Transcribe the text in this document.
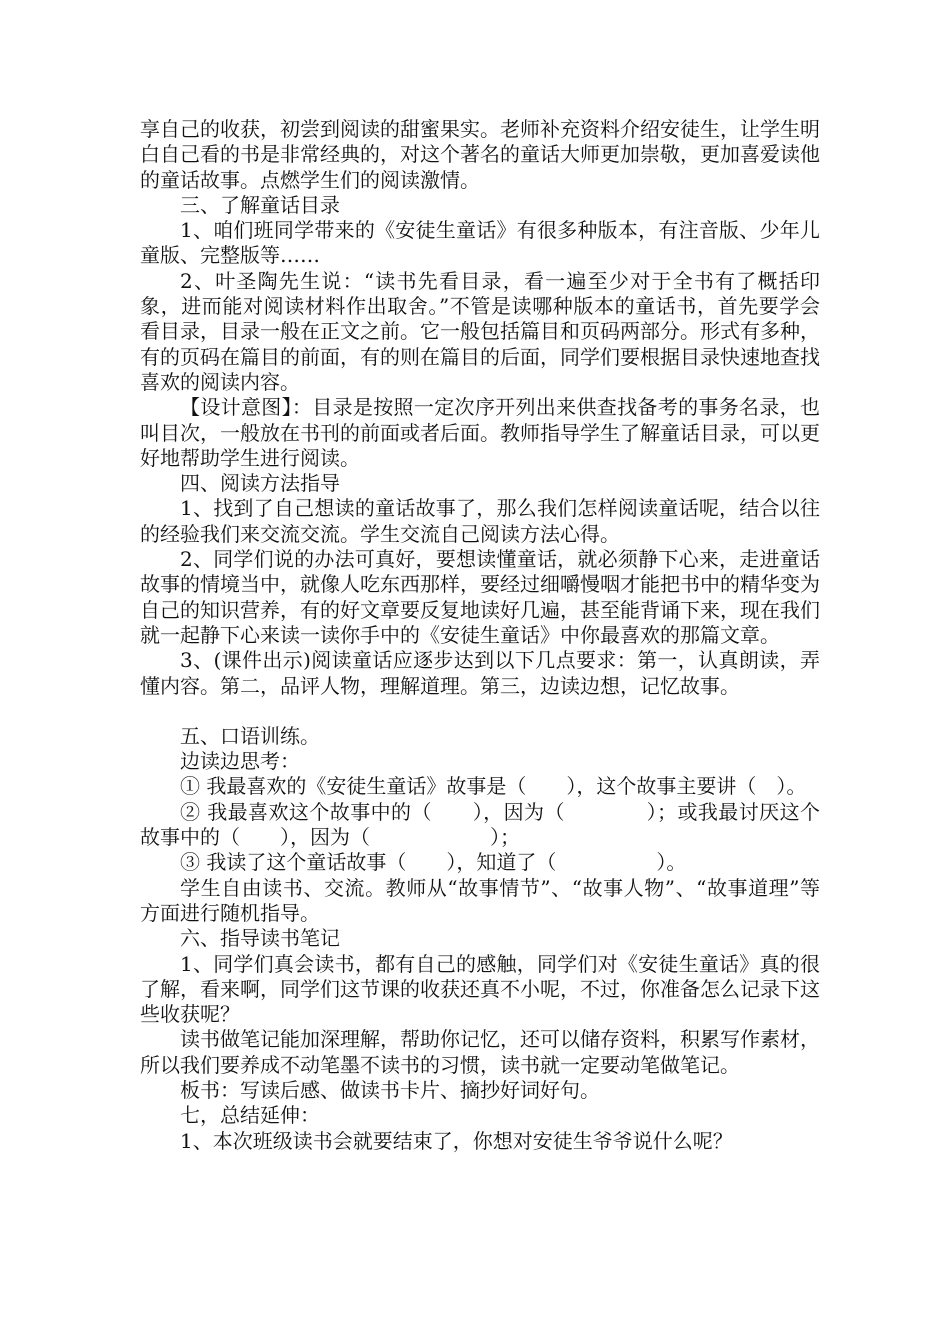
享自己的收获，初尝到阅读的甜蜜果实。老师补充资料介绍安徒生，让学生明白自己看的书是非常经典的，对这个著名的童话大师更加崇敬，更加喜爱读他的童话故事。点燃学生们的阅读激情。

三、了解童话目录

1、咱们班同学带来的《安徒生童话》有很多种版本，有注音版、少年儿童版、完整版等……

2、叶圣陶先生说：“读书先看目录，看一遍至少对于全书有了概括印象，进而能对阅读材料作出取舍。”不管是读哪种版本的童话书，首先要学会看目录，目录一般在正文之前。它一般包括篇目和页码两部分。形式有多种，有的页码在篇目的前面，有的则在篇目的后面，同学们要根据目录快速地查找喜欢的阅读内容。

【设计意图】：目录是按照一定次序开列出来供查找备考的事务名录，也叫目次，一般放在书刊的前面或者后面。教师指导学生了解童话目录，可以更好地帮助学生进行阅读。

四、阅读方法指导

1、找到了自己想读的童话故事了，那么我们怎样阅读童话呢，结合以往的经验我们来交流交流。学生交流自己阅读方法心得。

2、同学们说的办法可真好，要想读懂童话，就必须静下心来，走进童话故事的情境当中，就像人吃东西那样，要经过细嚼慢咽才能把书中的精华变为自己的知识营养，有的好文章要反复地读好几遍，甚至能背诵下来，现在我们就一起静下心来读一读你手中的《安徒生童话》中你最喜欢的那篇文章。

3、(课件出示)阅读童话应逐步达到以下几点要求：第一，认真朗读，弄懂内容。第二，品评人物，理解道理。第三，边读边想，记忆故事。

五、口语训练。

边读边思考：

① 我最喜欢的《安徒生童话》故事是（　　），这个故事主要讲（　）。

② 我最喜欢这个故事中的（　　），因为（　　　　）；或我最讨厌这个故事中的（　　），因为（　　　　　　）；

③ 我读了这个童话故事（　　），知道了（　　　　　）。

学生自由读书、交流。教师从“故事情节”、“故事人物”、“故事道理”等方面进行随机指导。

六、指导读书笔记

1、同学们真会读书，都有自己的感触，同学们对《安徒生童话》真的很了解，看来啊，同学们这节课的收获还真不小呢，不过，你准备怎么记录下这些收获呢？

读书做笔记能加深理解，帮助你记忆，还可以储存资料，积累写作素材，所以我们要养成不动笔墨不读书的习惯，读书就一定要动笔做笔记。

板书：写读后感、做读书卡片、摘抄好词好句。

七，总结延伸：

1、本次班级读书会就要结束了，你想对安徒生爷爷说什么呢？
